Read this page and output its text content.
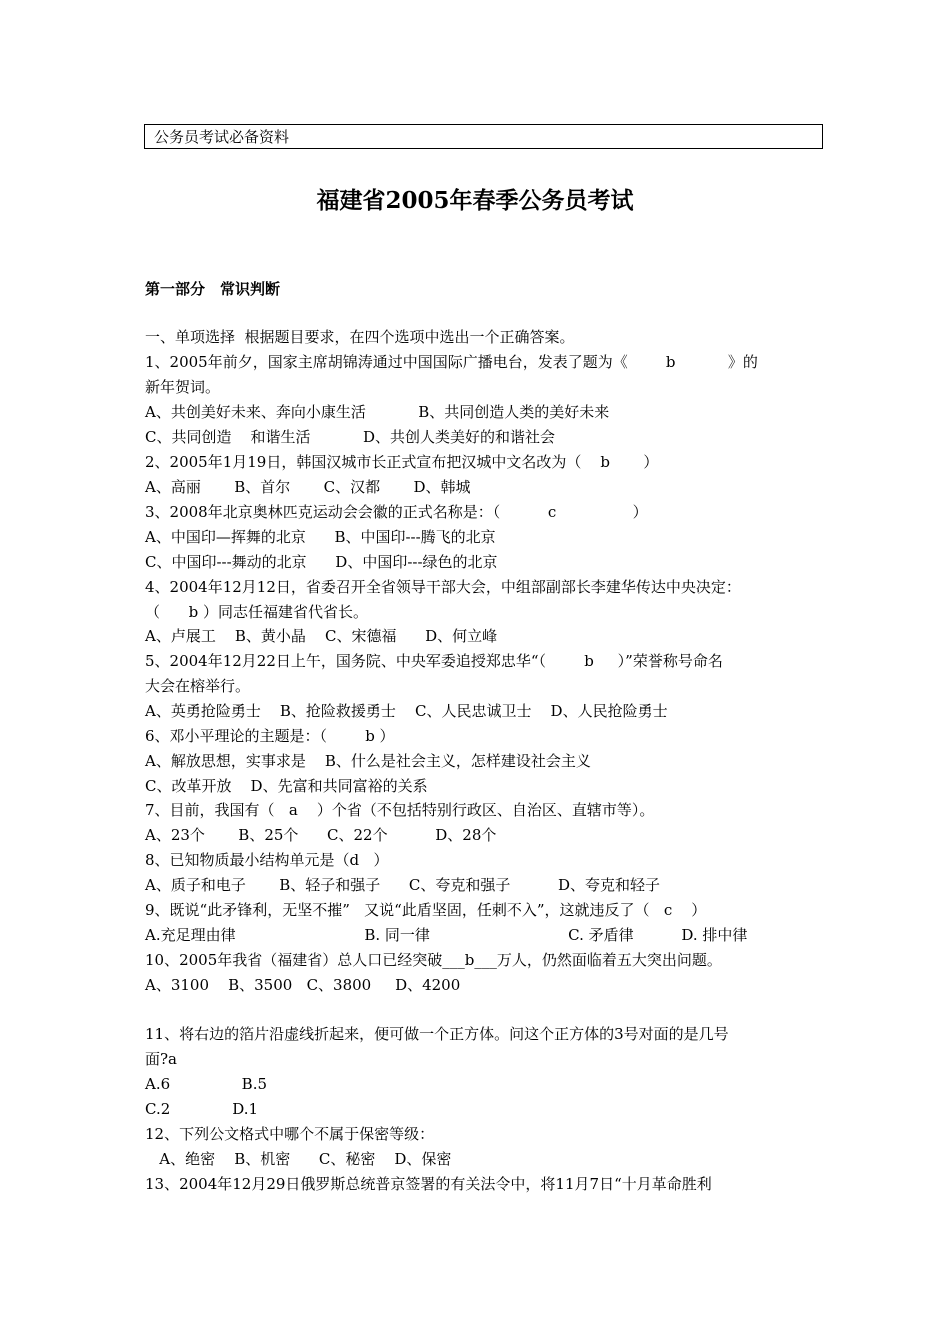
公务员考试必备资料
福建省2005年春季公务员考试
第一部分　常识判断
一、单项选择  根据题目要求，在四个选项中选出一个正确答案。
1、2005年前夕，国家主席胡锦涛通过中国国际广播电台，发表了题为《        b           》的
新年贺词。
A、共创美好未来、奔向小康生活           B、共同创造人类的美好未来
C、共同创造    和谐生活           D、共创人类美好的和谐社会
2、2005年1月19日，韩国汉城市长正式宣布把汉城中文名改为（    b       ）
A、高丽       B、首尔       C、汉都       D、韩城
3、2008年北京奥林匹克运动会会徽的正式名称是：（          c                ）
A、中国印—挥舞的北京      B、中国印---腾飞的北京
C、中国印---舞动的北京      D、中国印---绿色的北京
4、2004年12月12日，省委召开全省领导干部大会，中组部副部长李建华传达中央决定：
（      b ）同志任福建省代省长。
A、卢展工    B、黄小晶    C、宋德福      D、何立峰
5、2004年12月22日上午，国务院、中央军委追授郑忠华“（        b     ）”荣誉称号命名
大会在榕举行。
A、英勇抢险勇士    B、抢险救援勇士    C、人民忠诚卫士    D、人民抢险勇士
6、邓小平理论的主题是：（        b ）
A、解放思想，实事求是    B、什么是社会主义，怎样建设社会主义
C、改革开放    D、先富和共同富裕的关系
7、目前，我国有（   a    ）个省（不包括特别行政区、自治区、直辖市等）。
A、23个       B、25个      C、22个          D、28个
8、已知物质最小结构单元是（d   ）
A、质子和电子       B、轻子和强子      C、夸克和强子          D、夸克和轻子
9、既说“此矛锋利，无坚不摧”   又说“此盾坚固，任刺不入”，这就违反了（   c    ）
A.充足理由律                           B. 同一律                             C. 矛盾律          D. 排中律
10、2005年我省（福建省）总人口已经突破___b___万人，仍然面临着五大突出问题。
A、3100    B、3500   C、3800     D、4200
11、将右边的箔片沿虚线折起来，便可做一个正方体。问这个正方体的3号对面的是几号
面?a
A.6               B.5
C.2             D.1
12、下列公文格式中哪个不属于保密等级：
A、绝密    B、机密      C、秘密    D、保密
13、2004年12月29日俄罗斯总统普京签署的有关法令中，将11月7日“十月革命胜利
